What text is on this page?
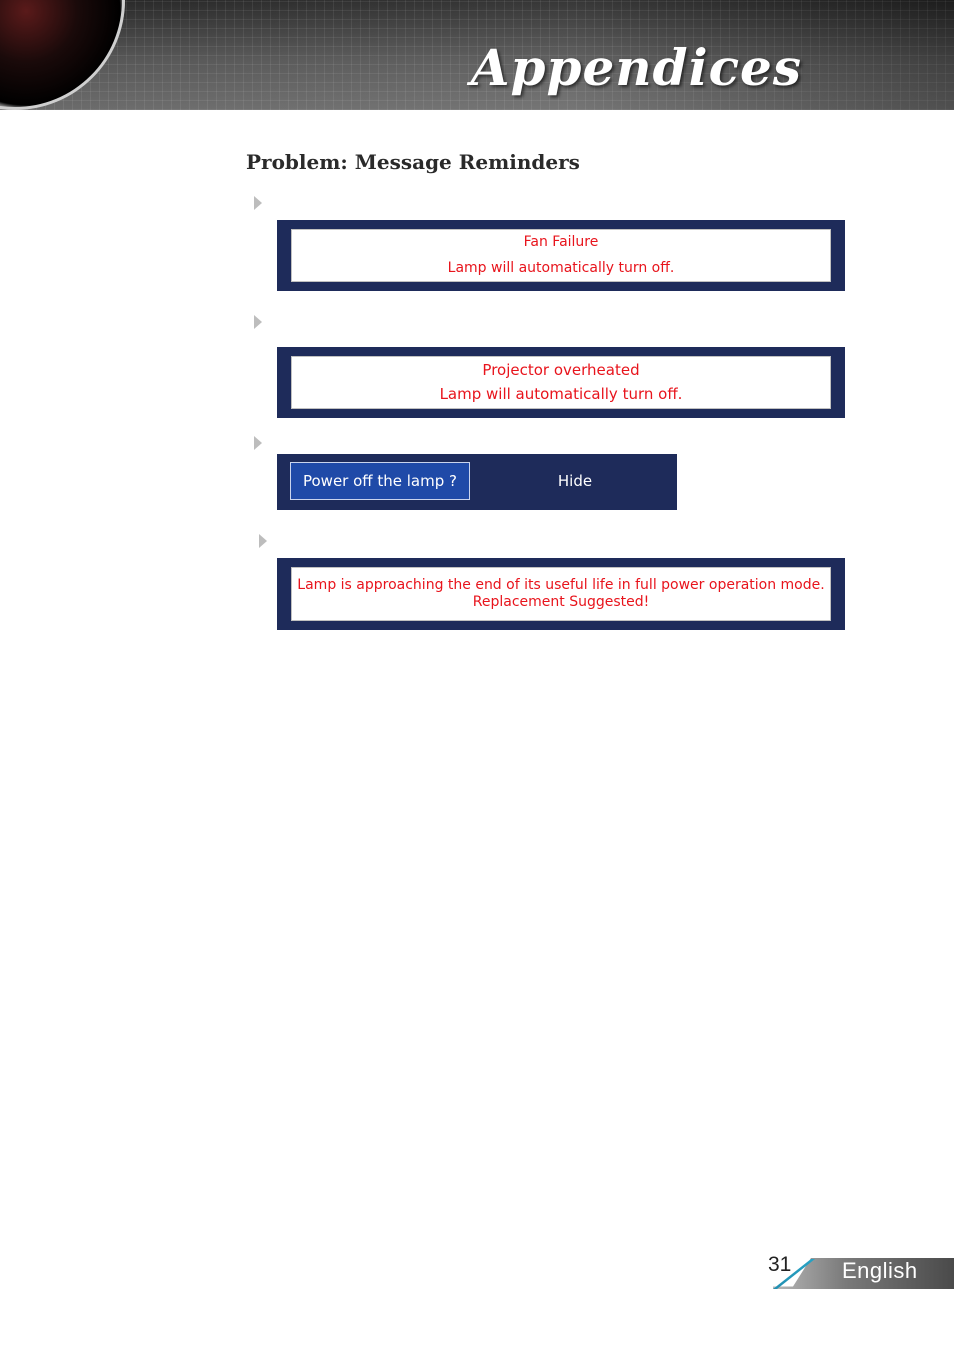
Appendices
Problem: Message Reminders
Fan Failure
Lamp will automatically turn off.
Projector overheated
Lamp will automatically turn off.
Power off the lamp ?	Hide
Lamp is approaching the end of its useful life in full power operation mode.
Replacement Suggested!
31 English
